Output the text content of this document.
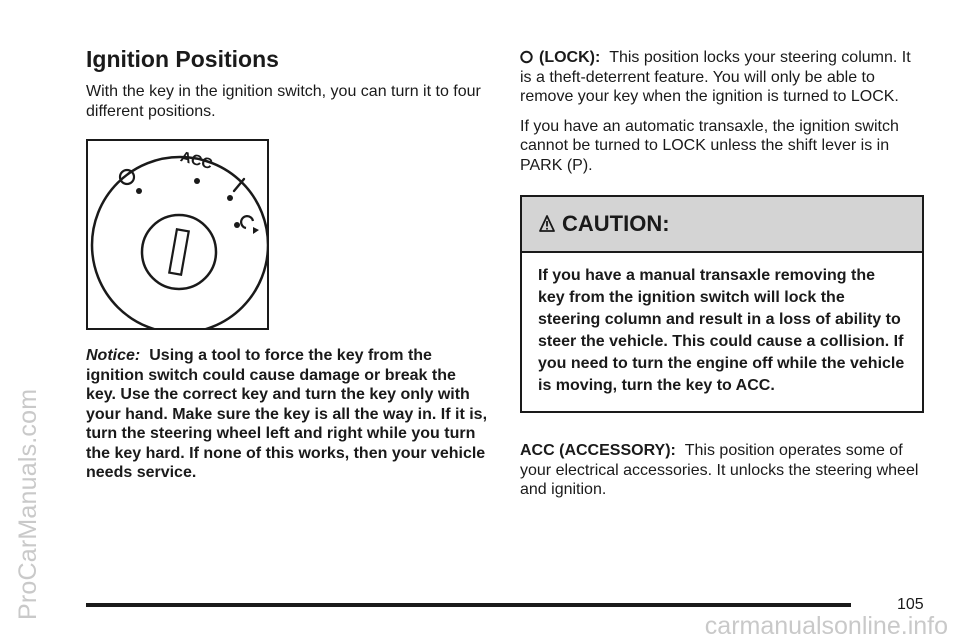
ProCarManuals.com
Ignition Positions

With the key in the ignition switch, you can turn it to four different positions.

ACC

Notice: Using a tool to force the key from the ignition switch could cause damage or break the key. Use the correct key and turn the key only with your hand. Make sure the key is all the way in. If it is, turn the steering wheel left and right while you turn the key hard. If none of this works, then your vehicle needs service.

(LOCK): This position locks your steering column. It is a theft-deterrent feature. You will only be able to remove your key when the ignition is turned to LOCK.

If you have an automatic transaxle, the ignition switch cannot be turned to LOCK unless the shift lever is in PARK (P).

CAUTION:
If you have a manual transaxle removing the key from the ignition switch will lock the steering column and result in a loss of ability to steer the vehicle. This could cause a collision. If you need to turn the engine off while the vehicle is moving, turn the key to ACC.

ACC (ACCESSORY): This position operates some of your electrical accessories. It unlocks the steering wheel and ignition.

105
carmanualsonline.info
